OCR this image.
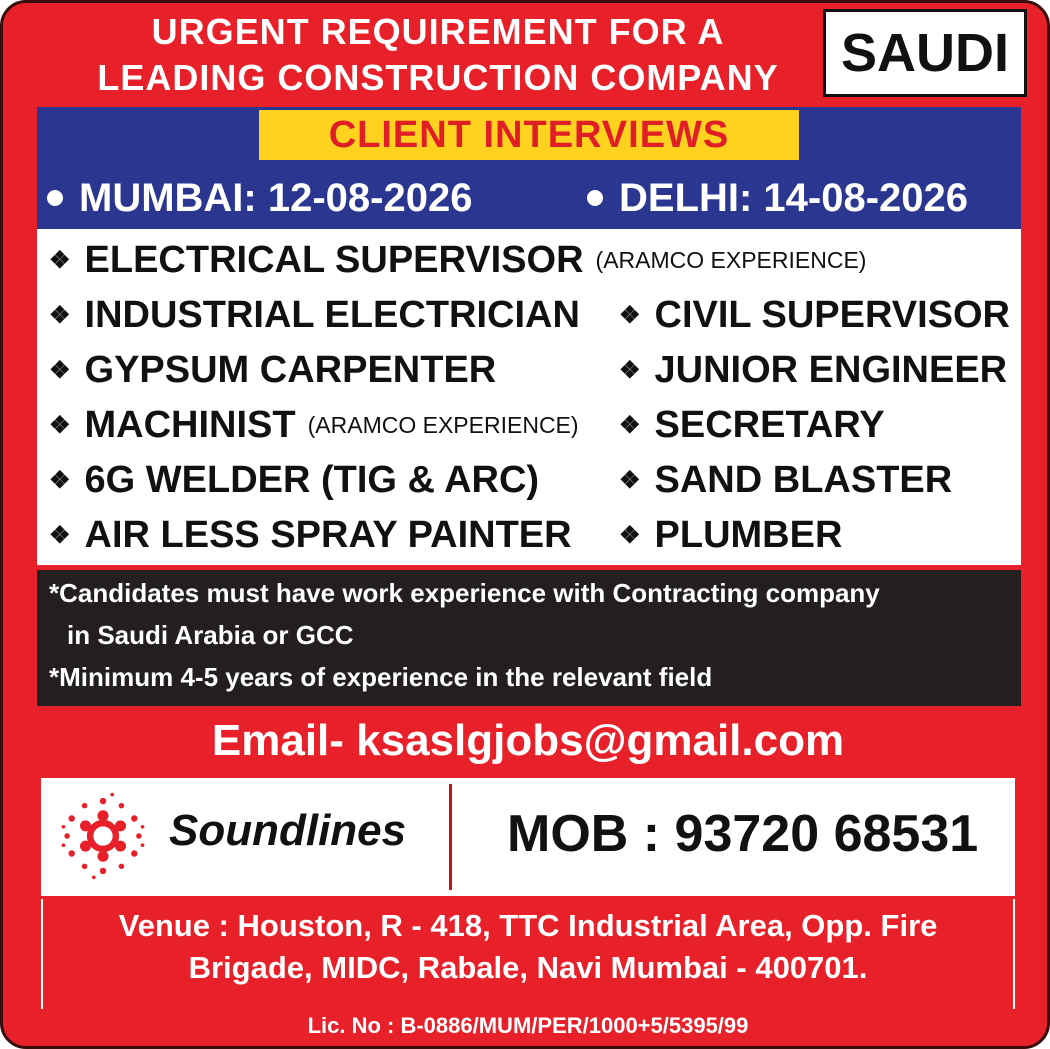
URGENT REQUIREMENT FOR A
LEADING CONSTRUCTION COMPANY	SAUDI
CLIENT INTERVIEWS
MUMBAI: 12-08-2026	DELHI: 14-08-2026
❖ ELECTRICAL SUPERVISOR (ARAMCO EXPERIENCE)
❖ INDUSTRIAL ELECTRICIAN
❖ GYPSUM CARPENTER
❖ MACHINIST (ARAMCO EXPERIENCE)
❖ 6G WELDER (TIG & ARC)
❖ AIR LESS SPRAY PAINTER
❖ CIVIL SUPERVISOR
❖ JUNIOR ENGINEER
❖ SECRETARY
❖ SAND BLASTER
❖ PLUMBER
*Candidates must have work experience with Contracting company
in Saudi Arabia or GCC
*Minimum 4-5 years of experience in the relevant field
Email- ksaslgjobs@gmail.com
Soundlines MOB : 93720 68531
Venue : Houston, R - 418, TTC Industrial Area, Opp. Fire
Brigade, MIDC, Rabale, Navi Mumbai - 400701.
Lic. No : B-0886/MUM/PER/1000+5/5395/99
